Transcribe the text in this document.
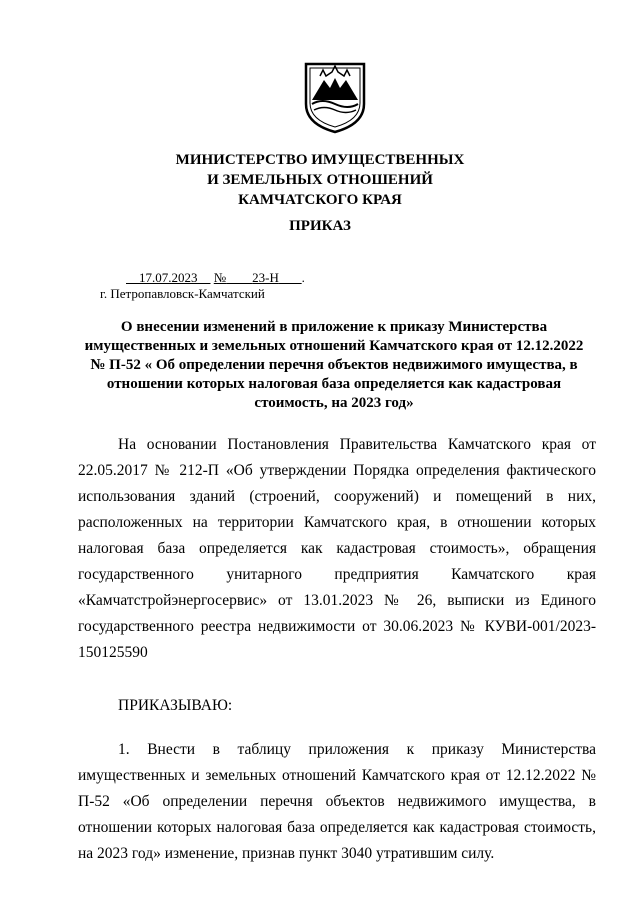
МИНИСТЕРСТВО ИМУЩЕСТВЕННЫХ
И ЗЕМЕЛЬНЫХ ОТНОШЕНИЙ
КАМЧАТСКОГО КРАЯ
ПРИКАЗ
17.07.2023 № 23-Н .
г. Петропавловск-Камчатский
О внесении изменений в приложение к приказу Министерства
имущественных и земельных отношений Камчатского края от 12.12.2022
№ П-52 « Об определении перечня объектов недвижимого имущества, в
отношении которых налоговая база определяется как кадастровая
стоимость, на 2023 год»

На основании Постановления Правительства Камчатского края от 22.05.2017 № 212-П «Об утверждении Порядка определения фактического использования зданий (строений, сооружений) и помещений в них, расположенных на территории Камчатского края, в отношении которых налоговая база определяется как кадастровая стоимость», обращения государственного унитарного предприятия Камчатского края «Камчатстройэнергосервис» от 13.01.2023 № 26, выписки из Единого государственного реестра недвижимости от 30.06.2023 № КУВИ-001/2023-150125590

ПРИКАЗЫВАЮ:

1. Внести в таблицу приложения к приказу Министерства имущественных и земельных отношений Камчатского края от 12.12.2022 № П-52 «Об определении перечня объектов недвижимого имущества, в отношении которых налоговая база определяется как кадастровая стоимость, на 2023 год» изменение, признав пункт 3040 утратившим силу.
